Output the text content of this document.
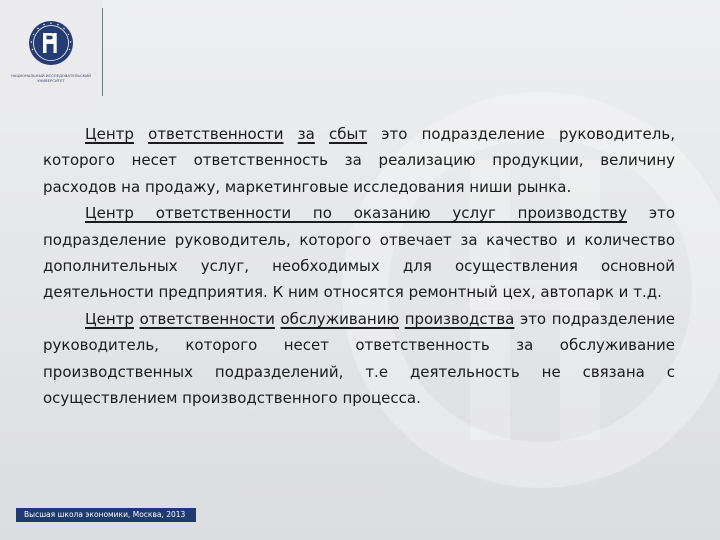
НАЦИОНАЛЬНЫЙ ИССЛЕДОВАТЕЛЬСКИЙ
УНИВЕРСИТЕТ

Центр ответственности за сбыт это подразделение руководитель, которого несет ответственность за реализацию продукции, величину расходов на продажу, маркетинговые исследования ниши рынка.

Центр ответственности по оказанию услуг производству это подразделение руководитель, которого отвечает за качество и количество дополнительных услуг, необходимых для осуществления основной деятельности предприятия. К ним относятся ремонтный цех, автопарк и т.д.

Центр ответственности обслуживанию производства это подразделение руководитель, которого несет ответственность за обслуживание производственных подразделений, т.е деятельность не связана с осуществлением производственного процесса.

Высшая школа экономики, Москва, 2013
